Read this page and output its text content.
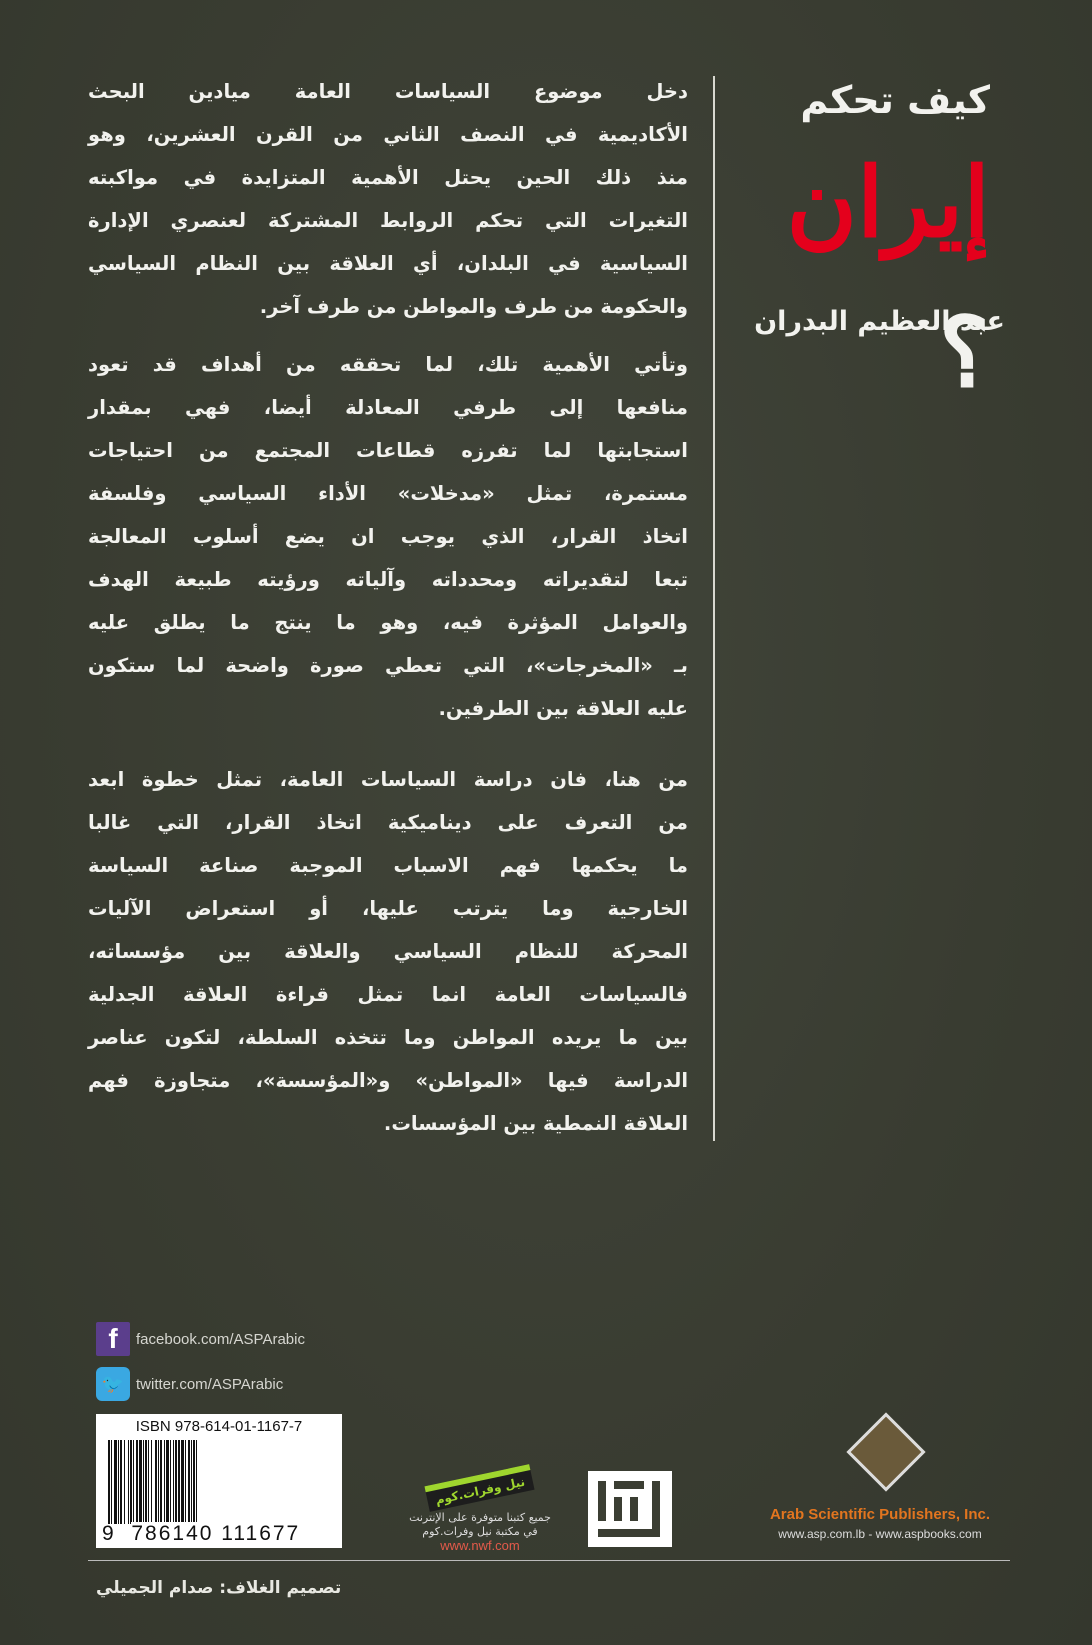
دخل موضوع السياسات العامة ميادين البحث
الأكاديمية في النصف الثاني من القرن العشرين، وهو
منذ ذلك الحين يحتل الأهمية المتزايدة في مواكبته
التغيرات التي تحكم الروابط المشتركة لعنصري الإدارة
السياسية في البلدان، أي العلاقة بين النظام السياسي
والحكومة من طرف والمواطن من طرف آخر.
وتأتي الأهمية تلك، لما تحققه من أهداف قد تعود
منافعها إلى طرفي المعادلة أيضا، فهي بمقدار
استجابتها لما تفرزه قطاعات المجتمع من احتياجات
مستمرة، تمثل «مدخلات» الأداء السياسي وفلسفة
اتخاذ القرار، الذي يوجب ان يضع أسلوب المعالجة
تبعا لتقديراته ومحدداته وآلياته ورؤيته طبيعة الهدف
والعوامل المؤثرة فيه، وهو ما ينتج ما يطلق عليه
بـ «المخرجات»، التي تعطي صورة واضحة لما ستكون
عليه العلاقة بين الطرفين.
من هنا، فان دراسة السياسات العامة، تمثل خطوة ابعد
من التعرف على ديناميكية اتخاذ القرار، التي غالبا
ما يحكمها فهم الاسباب الموجبة صناعة السياسة
الخارجية وما يترتب عليها، أو استعراض الآليات
المحركة للنظام السياسي والعلاقة بين مؤسساته،
فالسياسات العامة انما تمثل قراءة العلاقة الجدلية
بين ما يريده المواطن وما تتخذه السلطة، لتكون عناصر
الدراسة فيها «المواطن» و«المؤسسة»، متجاوزة فهم
العلاقة النمطية بين المؤسسات.
كيف تحكم
إيران ؟
عبد العظيم البدران
f	facebook.com/ASPArabic
🐦 twitter.com/ASPArabic
ISBN 978-614-01-1167-7
9 786140 111677
نيل وفرات.كوم
جميع كتبنا متوفرة على الإنترنت
في مكتبة نيل وفرات.كوم
www.nwf.com
Arab Scientific Publishers, Inc.
www.asp.com.lb - www.aspbooks.com
تصميم الغلاف: صدام الجميلي
